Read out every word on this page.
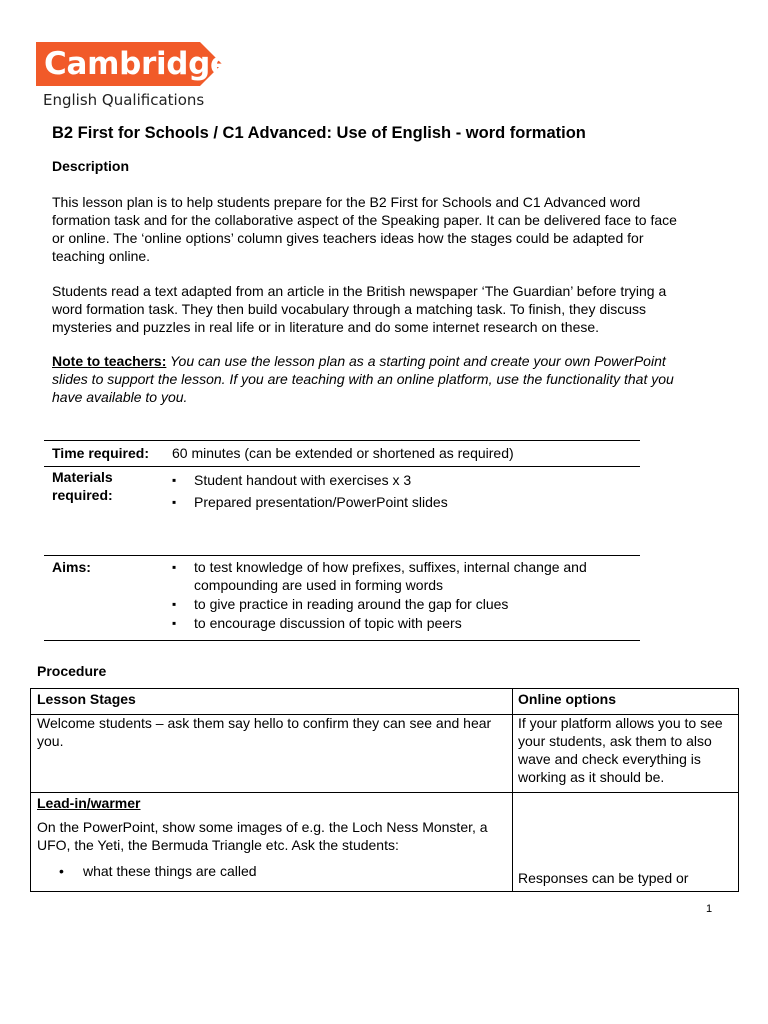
Cambridge
English Qualifications
B2 First for Schools / C1 Advanced: Use of English - word formation
Description
This lesson plan is to help students prepare for the B2 First for Schools and C1 Advanced word formation task and for the collaborative aspect of the Speaking paper. It can be delivered face to face or online. The ‘online options’ column gives teachers ideas how the stages could be adapted for teaching online.
Students read a text adapted from an article in the British newspaper ‘The Guardian’ before trying a word formation task. They then build vocabulary through a matching task. To finish, they discuss mysteries and puzzles in real life or in literature and do some internet research on these.
Note to teachers: You can use the lesson plan as a starting point and create your own PowerPoint slides to support the lesson. If you are teaching with an online platform, use the functionality that you have available to you.
Time required: 60 minutes (can be extended or shortened as required)
Materials required:
▪ Student handout with exercises x 3
▪ Prepared presentation/PowerPoint slides
Aims:
▪	to test knowledge of how prefixes, suffixes, internal change and compounding are used in forming words
▪ to give practice in reading around the gap for clues
▪ to encourage discussion of topic with peers
Procedure
Lesson Stages	Online options
Welcome students – ask them say hello to confirm they can see and hear you.
If your platform allows you to see your students, ask them to also wave and check everything is working as it should be.
Lead-in/warmer
On the PowerPoint, show some images of e.g. the Loch Ness Monster, a UFO, the Yeti, the Bermuda Triangle etc. Ask the students:
• what these things are called	Responses can be typed or
1
